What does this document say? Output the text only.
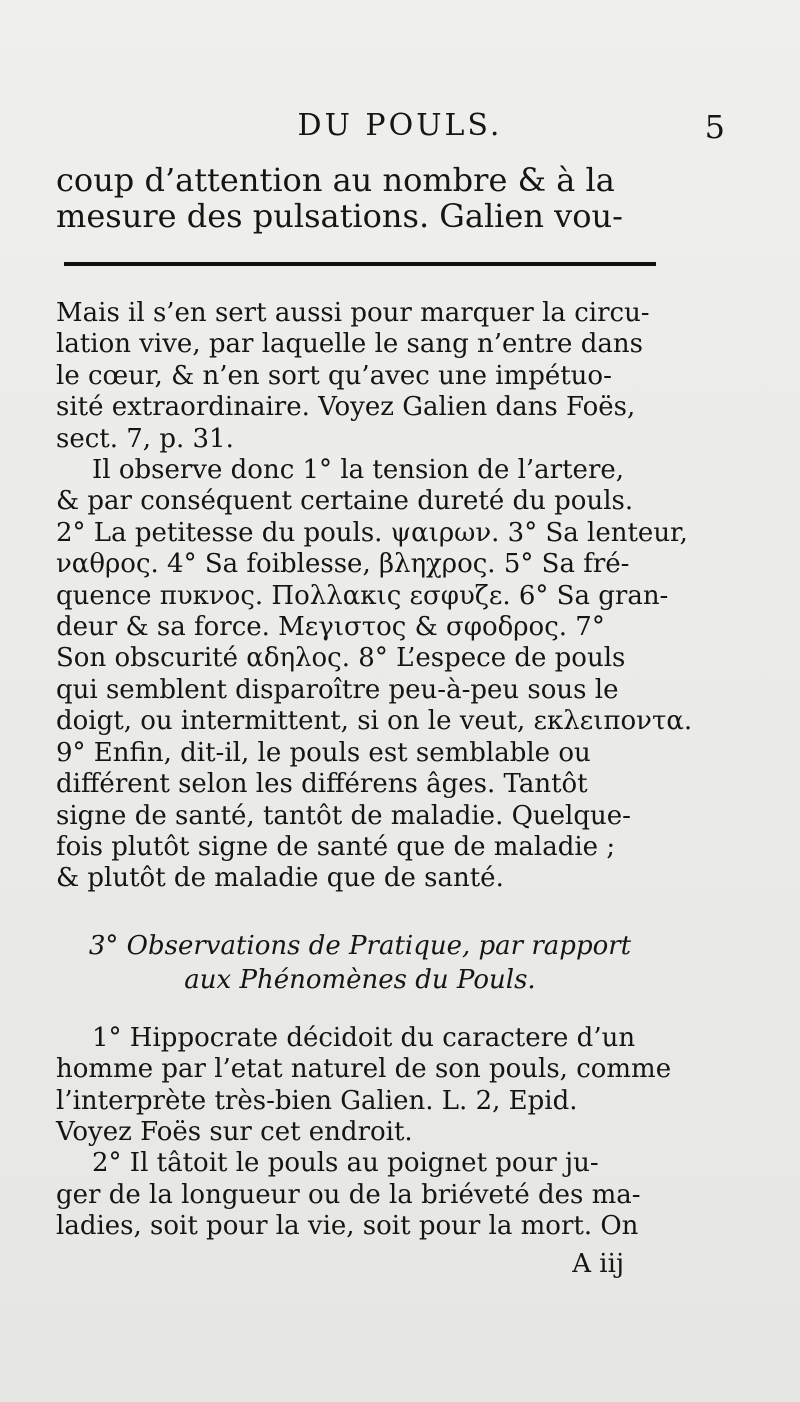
DU POULS.	5
coup d’attention au nombre & à la
mesure des pulsations. Galien vou-
Mais il s’en sert aussi pour marquer la circu-
lation vive, par laquelle le sang n’entre dans
le cœur, & n’en sort qu’avec une impétuo-
sité extraordinaire. Voyez Galien dans Foës,
sect. 7, p. 31.
Il observe donc 1° la tension de l’artere,
& par conséquent certaine dureté du pouls.
2° La petitesse du pouls. ψαιρων. 3° Sa lenteur,
ναθρος. 4° Sa foiblesse, βληχρος. 5° Sa fré-
quence πυκνος. Πολλακις εσφυζε. 6° Sa gran-
deur & sa force. Μεγιστος & σφοδρος. 7°
Son obscurité αδηλος. 8° L’espece de pouls
qui semblent disparoître peu-à-peu sous le
doigt, ou intermittent, si on le veut, εκλειποντα.
9° Enfin, dit-il, le pouls est semblable ou
différent selon les différens âges. Tantôt
signe de santé, tantôt de maladie. Quelque-
fois plutôt signe de santé que de maladie ;
& plutôt de maladie que de santé.
3° Observations de Pratique, par rapport
aux Phénomènes du Pouls.
1° Hippocrate décidoit du caractere d’un
homme par l’etat naturel de son pouls, comme
l’interprète très-bien Galien. L. 2, Epid.
Voyez Foës sur cet endroit.
2° Il tâtoit le pouls au poignet pour ju-
ger de la longueur ou de la briéveté des ma-
ladies, soit pour la vie, soit pour la mort. On
A iij
